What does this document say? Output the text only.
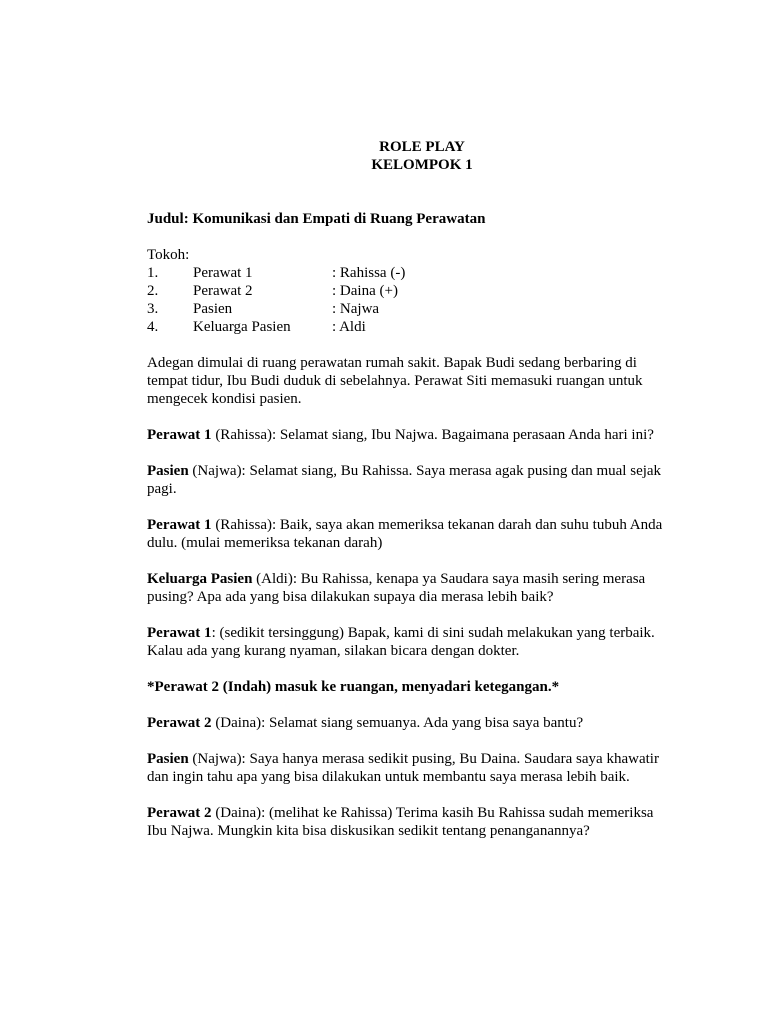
ROLE PLAY
KELOMPOK 1
Judul: Komunikasi dan Empati di Ruang Perawatan
Tokoh:
1.	Perawat 1	: Rahissa (-)
2.	Perawat 2	: Daina (+)
3.	Pasien	: Najwa
4.	Keluarga Pasien	: Aldi

Adegan dimulai di ruang perawatan rumah sakit. Bapak Budi sedang berbaring di tempat tidur, Ibu Budi duduk di sebelahnya. Perawat Siti memasuki ruangan untuk mengecek kondisi pasien.

Perawat 1 (Rahissa): Selamat siang, Ibu Najwa. Bagaimana perasaan Anda hari ini?

Pasien (Najwa): Selamat siang, Bu Rahissa. Saya merasa agak pusing dan mual sejak pagi.

Perawat 1 (Rahissa): Baik, saya akan memeriksa tekanan darah dan suhu tubuh Anda dulu. (mulai memeriksa tekanan darah)

Keluarga Pasien (Aldi): Bu Rahissa, kenapa ya Saudara saya masih sering merasa pusing? Apa ada yang bisa dilakukan supaya dia merasa lebih baik?

Perawat 1: (sedikit tersinggung) Bapak, kami di sini sudah melakukan yang terbaik. Kalau ada yang kurang nyaman, silakan bicara dengan dokter.

*Perawat 2 (Indah) masuk ke ruangan, menyadari ketegangan.*

Perawat 2 (Daina): Selamat siang semuanya. Ada yang bisa saya bantu?

Pasien (Najwa): Saya hanya merasa sedikit pusing, Bu Daina. Saudara saya khawatir dan ingin tahu apa yang bisa dilakukan untuk membantu saya merasa lebih baik.

Perawat 2 (Daina): (melihat ke Rahissa) Terima kasih Bu Rahissa sudah memeriksa Ibu Najwa. Mungkin kita bisa diskusikan sedikit tentang penanganannya?
